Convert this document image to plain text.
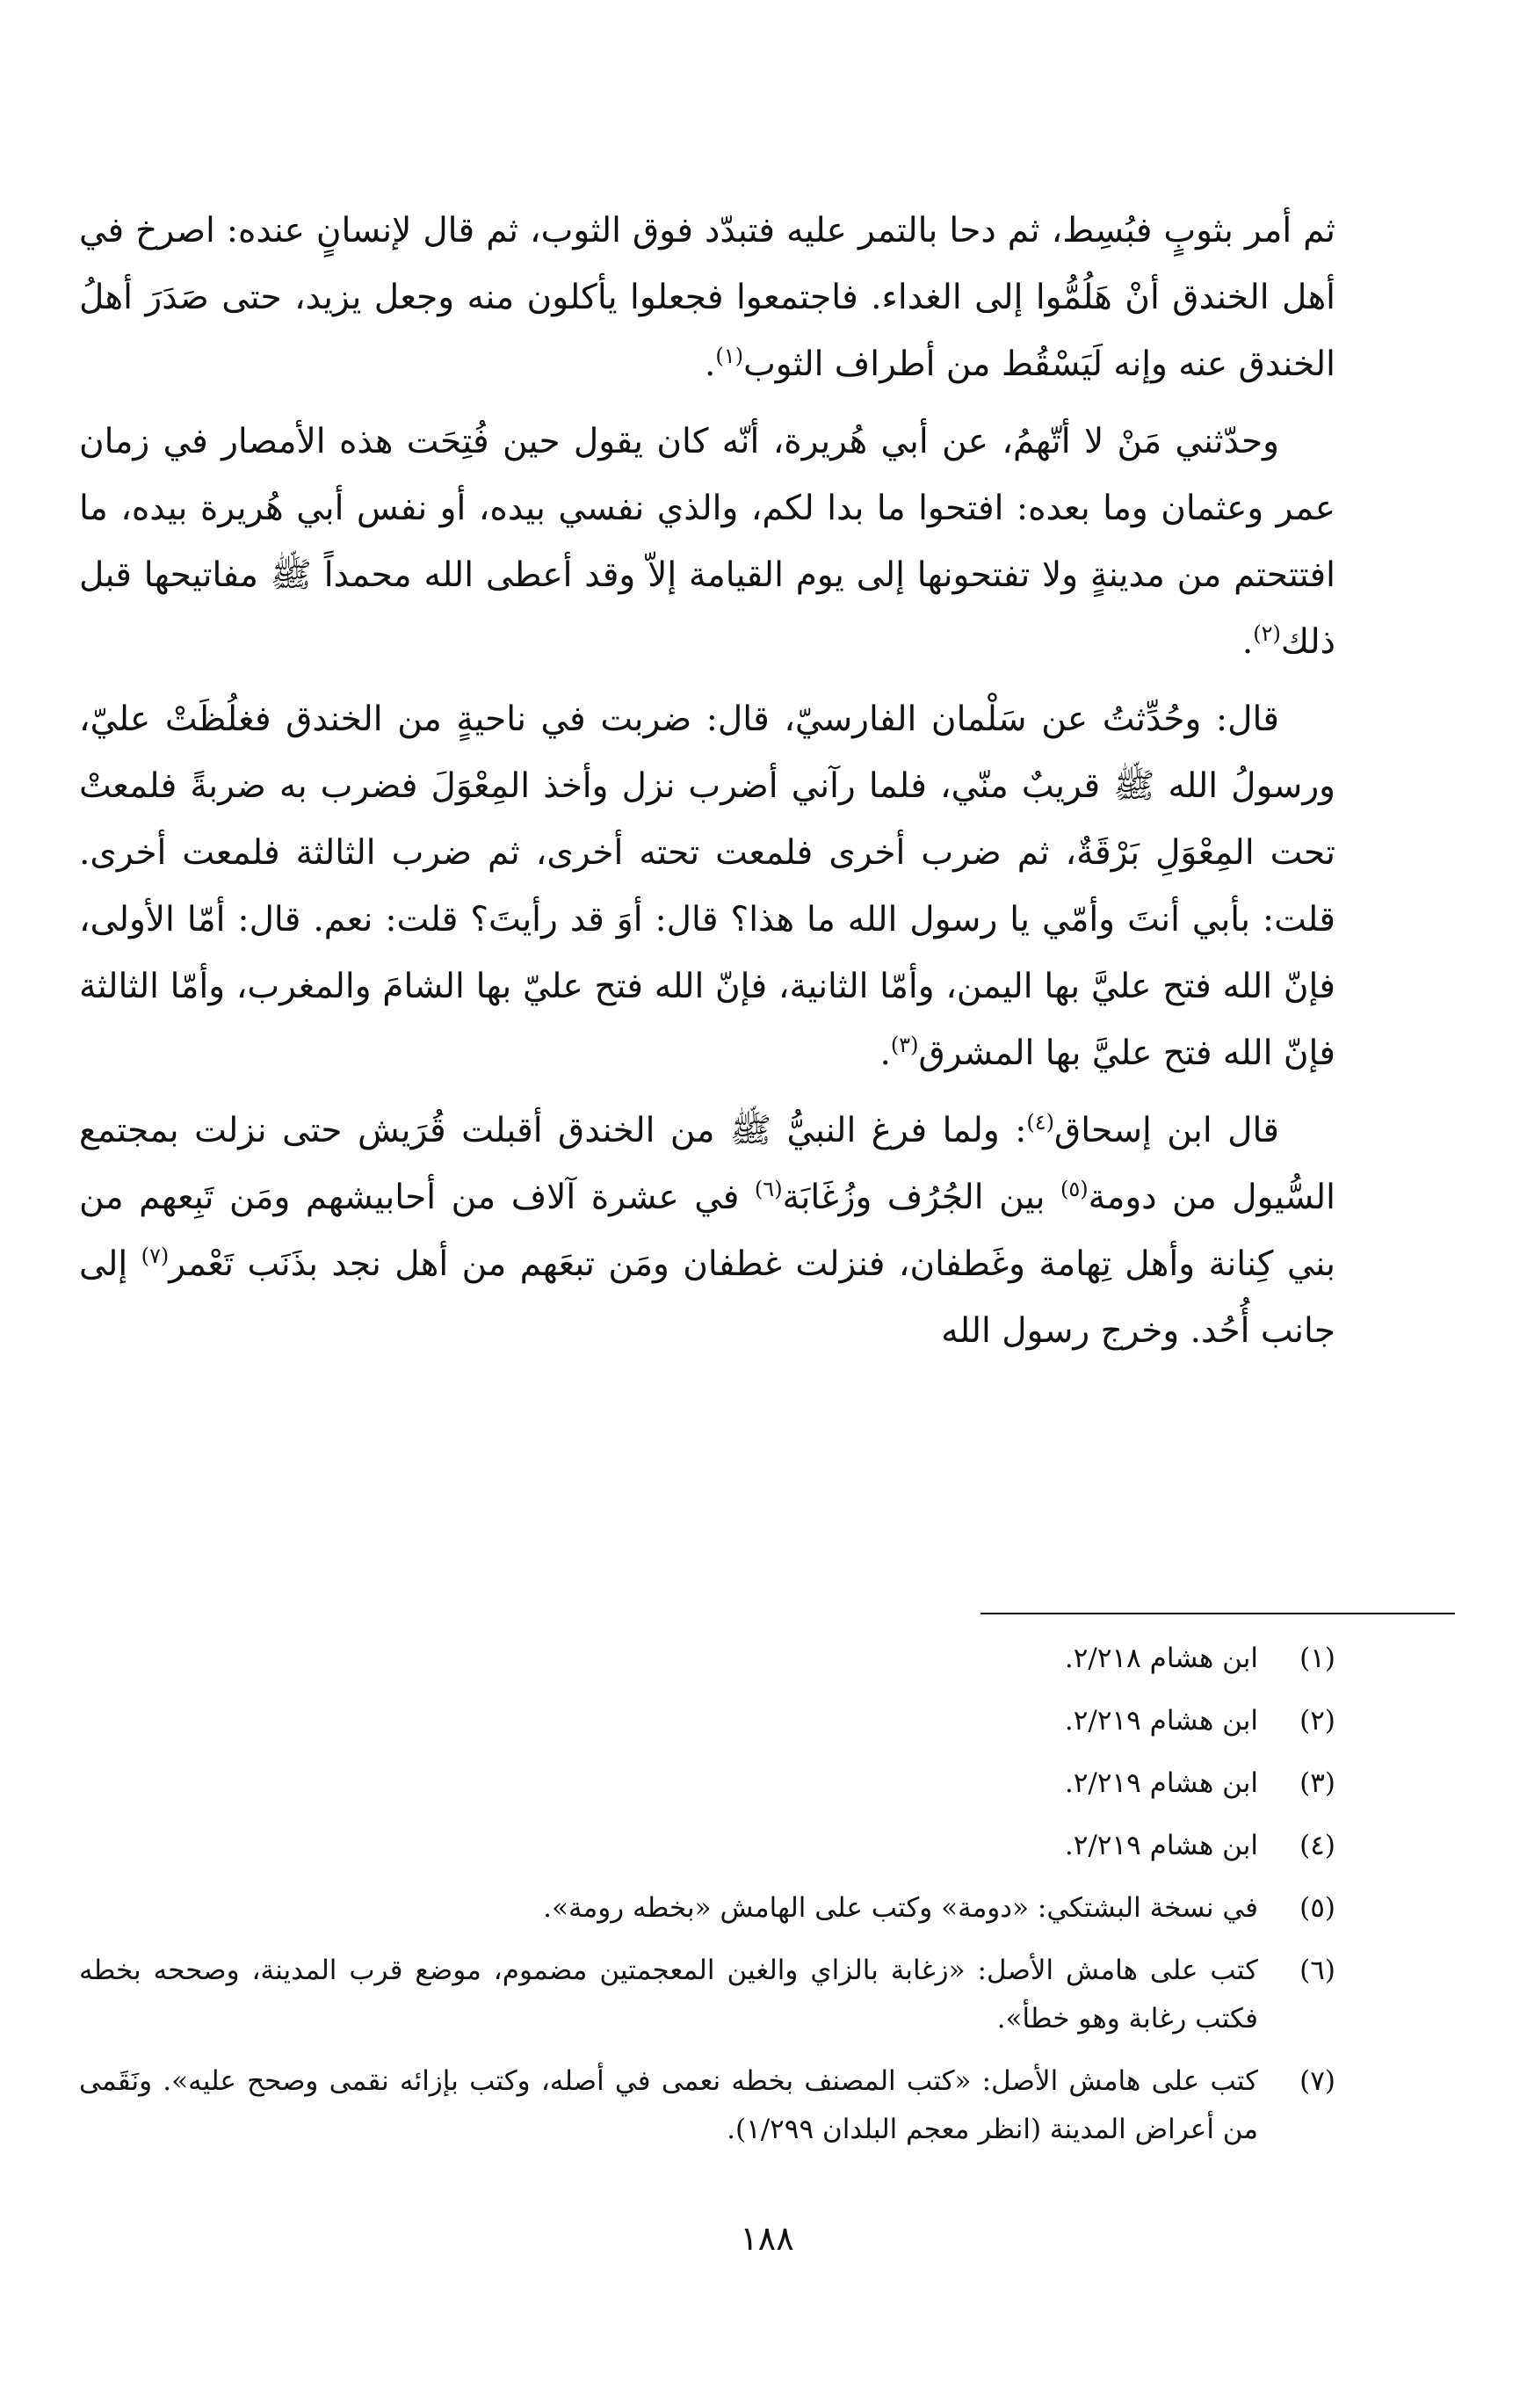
ثم أمر بثوبٍ فبُسِط، ثم دحا بالتمر عليه فتبدّد فوق الثوب، ثم قال لإنسانٍ عنده: اصرخ في أهل الخندق أنْ هَلُمُّوا إلى الغداء. فاجتمعوا فجعلوا يأكلون منه وجعل يزيد، حتى صَدَرَ أهلُ الخندق عنه وإنه لَيَسْقُط من أطراف الثوب$^{(١)}$.

وحدّثني مَنْ لا أتّهمُ، عن أبي هُريرة، أنّه كان يقول حين فُتِحَت هذه الأمصار في زمان عمر وعثمان وما بعده: افتحوا ما بدا لكم، والذي نفسي بيده، أو نفس أبي هُريرة بيده، ما افتتحتم من مدينةٍ ولا تفتحونها إلى يوم القيامة إلاّ وقد أعطى الله محمداً ﷺ مفاتيحها قبل ذلك$^{(٢)}$.

قال: وحُدِّثتُ عن سَلْمان الفارسيّ، قال: ضربت في ناحيةٍ من الخندق فغلُظَتْ عليّ، ورسولُ الله ﷺ قريبٌ منّي، فلما رآني أضرب نزل وأخذ المِعْوَلَ فضرب به ضربةً فلمعتْ تحت المِعْوَلِ بَرْقَةٌ، ثم ضرب أخرى فلمعت تحته أخرى، ثم ضرب الثالثة فلمعت أخرى. قلت: بأبي أنتَ وأمّي يا رسول الله ما هذا؟ قال: أوَ قد رأيتَ؟ قلت: نعم. قال: أمّا الأولى، فإنّ الله فتح عليَّ بها اليمن، وأمّا الثانية، فإنّ الله فتح عليّ بها الشامَ والمغرب، وأمّا الثالثة فإنّ الله فتح عليَّ بها المشرق$^{(٣)}$.

قال ابن إسحاق$^{(٤)}$: ولما فرغ النبيُّ ﷺ من الخندق أقبلت قُرَيش حتى نزلت بمجتمع السُّيول من دومة$^{(٥)}$ بين الجُرُف وزُغَابَة$^{(٦)}$ في عشرة آلاف من أحابيشهم ومَن تَبِعهم من بني كِنانة وأهل تِهامة وغَطفان، فنزلت غطفان ومَن تبعَهم من أهل نجد بذَنَب تَعْمر$^{(٧)}$ إلى جانب أُحُد. وخرج رسول الله

(١)
ابن هشام ٢/٢١٨.
(٢)
ابن هشام ٢/٢١٩.
(٣)
ابن هشام ٢/٢١٩.
(٤)
ابن هشام ٢/٢١٩.
(٥)
في نسخة البشتكي: «دومة» وكتب على الهامش «بخطه رومة».
(٦)
كتب على هامش الأصل: «زغابة بالزاي والغين المعجمتين مضموم، موضع قرب المدينة، وصححه بخطه فكتب رغابة وهو خطأ».
(٧)
كتب على هامش الأصل: «كتب المصنف بخطه نعمى في أصله، وكتب بإزائه نقمى وصحح عليه». ونَقَمى من أعراض المدينة (انظر معجم البلدان ١/٢٩٩).
١٨٨
